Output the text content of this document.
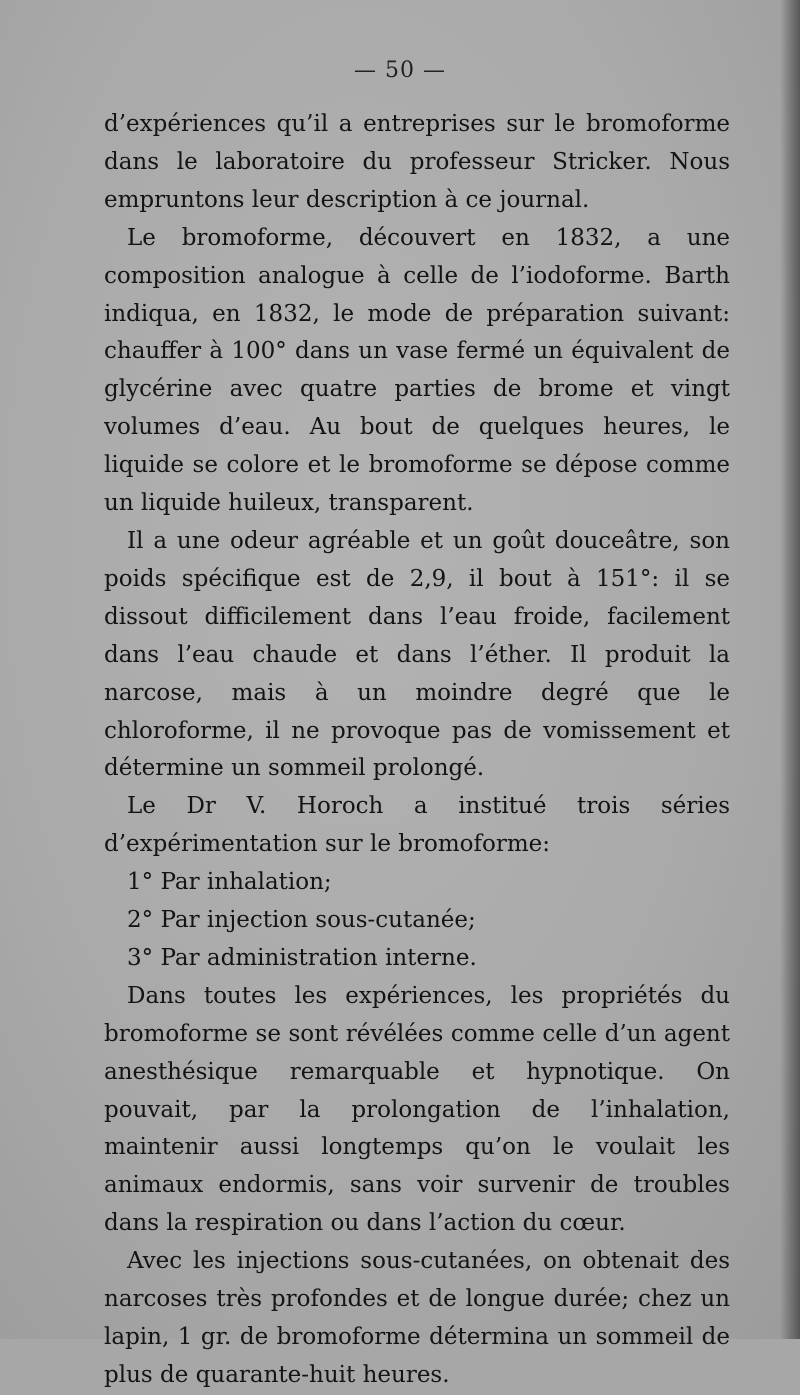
— 50 —

d’expériences qu’il a entreprises sur le bromoforme dans le laboratoire du professeur Stricker. Nous empruntons leur description à ce journal.

Le bromoforme, découvert en 1832, a une composition analogue à celle de l’iodoforme. Barth indiqua, en 1832, le mode de préparation suivant: chauffer à 100° dans un vase fermé un équivalent de glycérine avec quatre parties de brome et vingt volumes d’eau. Au bout de quelques heures, le liquide se colore et le bromoforme se dépose comme un liquide huileux, transparent.

Il a une odeur agréable et un goût douceâtre, son poids spécifique est de 2,9, il bout à 151°: il se dissout difficilement dans l’eau froide, facilement dans l’eau chaude et dans l’éther. Il produit la narcose, mais à un moindre degré que le chloroforme, il ne provoque pas de vomissement et détermine un sommeil prolongé.

Le Dr V. Horoch a institué trois séries d’expérimentation sur le bromoforme:

1° Par inhalation;

2° Par injection sous-cutanée;

3° Par administration interne.

Dans toutes les expériences, les propriétés du bromoforme se sont révélées comme celle d’un agent anesthésique remarquable et hypnotique. On pouvait, par la prolongation de l’inhalation, maintenir aussi longtemps qu’on le voulait les animaux endormis, sans voir survenir de troubles dans la respiration ou dans l’action du cœur.

Avec les injections sous-cutanées, on obtenait des narcoses très profondes et de longue durée; chez un lapin, 1 gr. de bromoforme détermina un sommeil de plus de quarante-huit heures.
